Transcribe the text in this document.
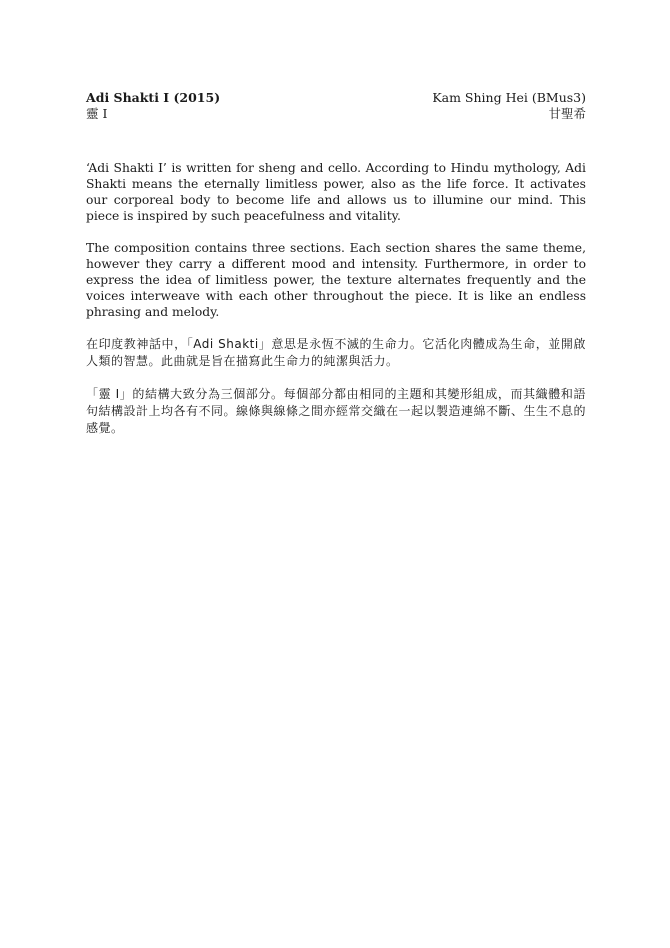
Adi Shakti I (2015)
靈 I
Kam Shing Hei (BMus3)
甘聖希

‘Adi Shakti I’ is written for sheng and cello. According to Hindu mythology, Adi Shakti means the eternally limitless power, also as the life force. It activates our corporeal body to become life and allows us to illumine our mind. This piece is inspired by such peacefulness and vitality.

The composition contains three sections. Each section shares the same theme, however they carry a different mood and intensity. Furthermore, in order to express the idea of limitless power, the texture alternates frequently and the voices interweave with each other throughout the piece. It is like an endless phrasing and melody.

在印度教神話中，「Adi Shakti」意思是永恆不滅的生命力。它活化肉體成為生命，並開啟人類的智慧。此曲就是旨在描寫此生命力的純潔與活力。

「靈 I」的結構大致分為三個部分。每個部分都由相同的主題和其變形組成，而其織體和語句結構設計上均各有不同。線條與線條之間亦經常交織在一起以製造連綿不斷、生生不息的感覺。
